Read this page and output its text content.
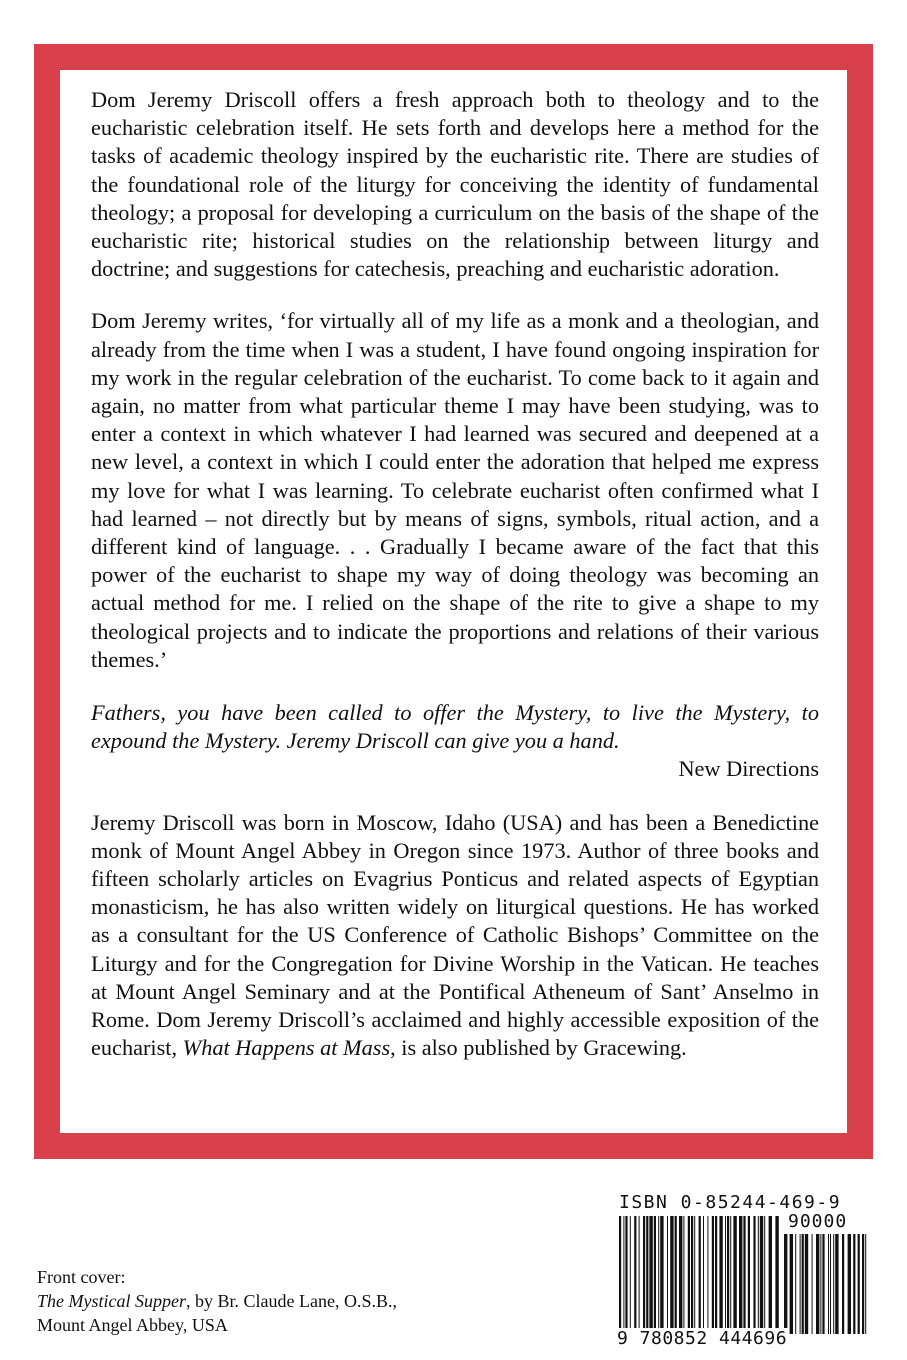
Dom Jeremy Driscoll offers a fresh approach both to theology and to the eucharistic celebration itself. He sets forth and develops here a method for the tasks of academic theology inspired by the eucharistic rite. There are studies of the foundational role of the liturgy for conceiving the identity of fundamental theology; a proposal for developing a curriculum on the basis of the shape of the eucharistic rite; historical studies on the relationship between liturgy and doctrine; and suggestions for catechesis, preaching and eucharistic adoration.

Dom Jeremy writes, ‘for virtually all of my life as a monk and a theologian, and already from the time when I was a student, I have found ongoing inspiration for my work in the regular celebration of the eucharist. To come back to it again and again, no matter from what particular theme I may have been studying, was to enter a context in which whatever I had learned was secured and deepened at a new level, a context in which I could enter the adoration that helped me express my love for what I was learning. To celebrate eucharist often confirmed what I had learned – not directly but by means of signs, symbols, ritual action, and a different kind of language. . . Gradually I became aware of the fact that this power of the eucharist to shape my way of doing theology was becoming an actual method for me. I relied on the shape of the rite to give a shape to my theological projects and to indicate the proportions and relations of their various themes.’

Fathers, you have been called to offer the Mystery, to live the Mystery, to expound the Mystery. Jeremy Driscoll can give you a hand.

New Directions

Jeremy Driscoll was born in Moscow, Idaho (USA) and has been a Benedictine monk of Mount Angel Abbey in Oregon since 1973. Author of three books and fifteen scholarly articles on Evagrius Ponticus and related aspects of Egyptian monasticism, he has also written widely on liturgical questions. He has worked as a consultant for the US Conference of Catholic Bishops’ Committee on the Liturgy and for the Congregation for Divine Worship in the Vatican. He teaches at Mount Angel Seminary and at the Pontifical Atheneum of Sant’ Anselmo in Rome. Dom Jeremy Driscoll’s acclaimed and highly accessible exposition of the eucharist, What Happens at Mass, is also published by Gracewing.

Front cover:
The Mystical Supper, by Br. Claude Lane, O.S.B.,
Mount Angel Abbey, USA
ISBN 0-85244-469-9
90000
9 780852 444696
